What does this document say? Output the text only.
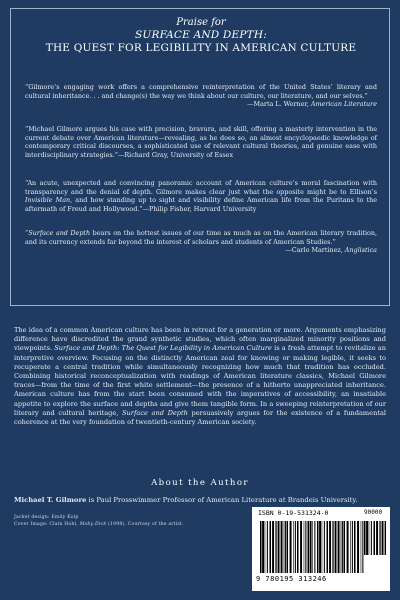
Praise for
SURFACE AND DEPTH:
THE QUEST FOR LEGIBILITY IN AMERICAN CULTURE
“Gilmore’s engaging work offers a comprehensive reinterpretation of the United States’ literary and cultural inheritance. . . and change(s) the way we think about our culture, our literature, and our selves.”
—Marta L. Werner, American Literature
“Michael Gilmore argues his case with precision, bravura, and skill, offering a masterly intervention in the current debate over American literature—revealing, as he does so, an almost encyclopaedic knowledge of contemporary critical discourses, a sophisticated use of relevant cultural theories, and genuine ease with interdisciplinary strategies.”—Richard Gray, University of Essex
“An acute, unexpected and convincing panoramic account of American culture’s moral fascination with transparency and the denial of depth. Gilmore makes clear just what the opposite might be to Ellison’s Invisible Man, and how standing up to sight and visibility define American life from the Puritans to the aftermath of Freud and Hollywood.”—Philip Fisher, Harvard University
“Surface and Depth bears on the hottest issues of our time as much as on the American literary tradition, and its currency extends far beyond the interest of scholars and students of American Studies.”
—Carlo Martinez, Anglistica
The idea of a common American culture has been in retreat for a generation or more. Arguments emphasizing difference have discredited the grand synthetic studies, which often marginalized minority positions and viewpoints. Surface and Depth: The Quest for Legibility in American Culture is a fresh attempt to revitalize an interpretive overview. Focusing on the distinctly American zeal for knowing or making legible, it seeks to recuperate a central tradition while simultaneously recognizing how much that tradition has occluded. Combining historical reconceptualization with readings of American literature classics, Michael Gilmore traces—from the time of the first white settlement—the presence of a hitherto unappreciated inheritance. American culture has from the start been consumed with the imperatives of accessibility, an insatiable appetite to explore the surface and depths and give them tangible form. In a sweeping reinterpretation of our literary and cultural heritage, Surface and Depth persuasively argues for the existence of a fundamental coherence at the very foundation of twentieth-century American society.
About the Author
Michael T. Gilmore is Paul Prosswimmer Professor of American Literature at Brandeis University.
Jacket design: Emily Kolp
Cover Image: Clain Hohl, Moby Dick (1998). Courtesy of the artist.
ISBN 0-19-531324-0	90000
9 780195 313246
